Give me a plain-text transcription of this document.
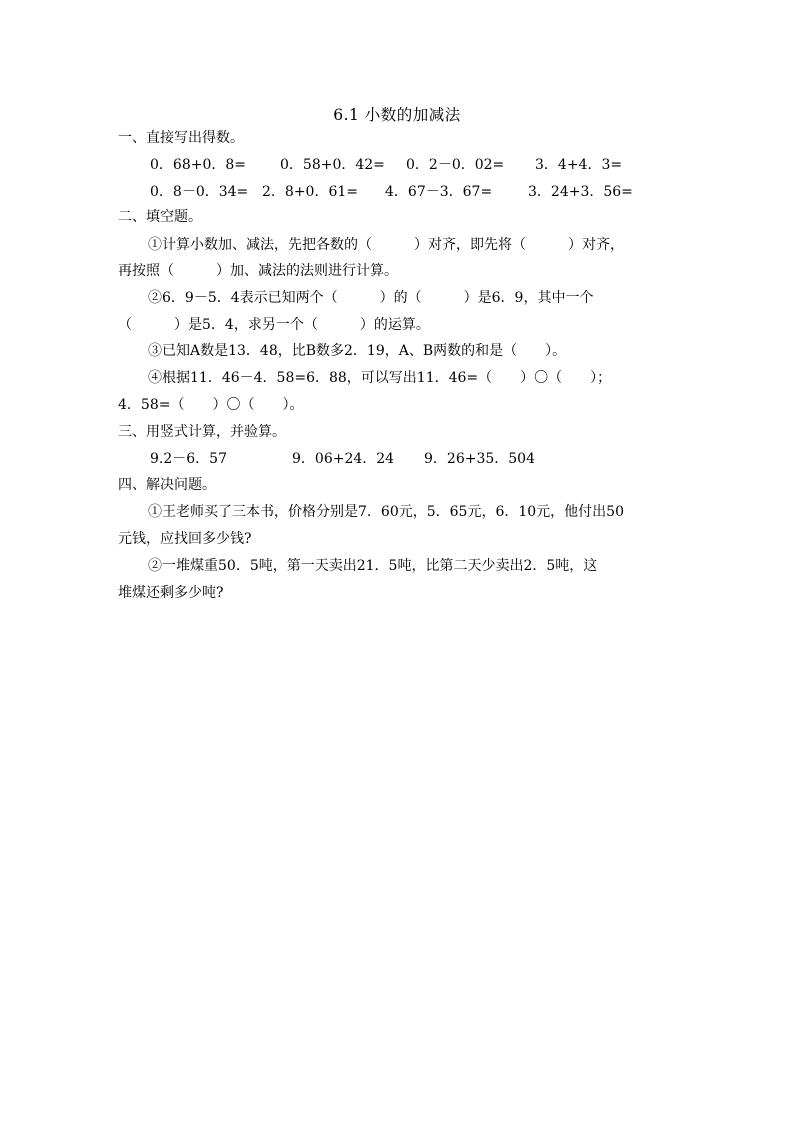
6.1 小数的加减法
一、直接写出得数。
0．68+0．8= 0．58+0．42= 0．2－0．02= 3．4+4．3=
0．8－0．34= 2．8+0．61= 4．67－3．67=	3．24+3．56=
二、填空题。
①计算小数加、减法，先把各数的（　　　）对齐，即先将（　　　）对齐，
再按照（　　　）加、减法的法则进行计算。
②6．9－5．4表示已知两个（　　　）的（　　　）是6．9，其中一个
（　　　）是5．4，求另一个（　　　）的运算。
③已知A数是13．48，比B数多2．19，A、B两数的和是（　　）。
④根据11．46－4．58=6．88，可以写出11．46=（　　）〇（　　）；
4．58=（　　）〇（　　）。
三、用竖式计算，并验算。
9.2－6．57	9．06+24．24 9．26+35．504
四、解决问题。
①王老师买了三本书，价格分别是7．60元，5．65元，6．10元，他付出50
元钱，应找回多少钱?
②一堆煤重50．5吨，第一天卖出21．5吨，比第二天少卖出2．5吨，这
堆煤还剩多少吨?
